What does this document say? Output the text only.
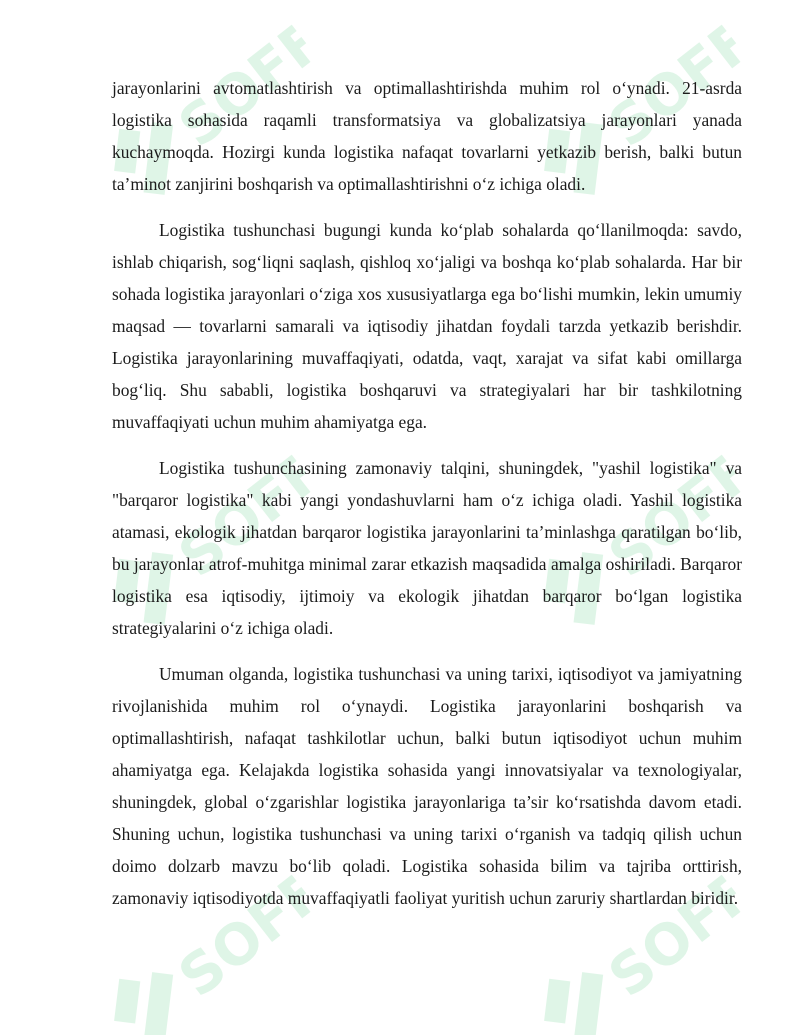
SOFF	SOFF
SOFF	SOFF
SOFF	SOFF

jarayonlarini avtomatlashtirish va optimallashtirishda muhim rol o‘ynadi. 21-asrda logistika sohasida raqamli transformatsiya va globalizatsiya jarayonlari yanada kuchaymoqda. Hozirgi kunda logistika nafaqat tovarlarni yetkazib berish, balki butun ta’minot zanjirini boshqarish va optimallashtirishni o‘z ichiga oladi.

Logistika tushunchasi bugungi kunda ko‘plab sohalarda qo‘llanilmoqda: savdo, ishlab chiqarish, sog‘liqni saqlash, qishloq xo‘jaligi va boshqa ko‘plab sohalarda. Har bir sohada logistika jarayonlari o‘ziga xos xususiyatlarga ega bo‘lishi mumkin, lekin umumiy maqsad — tovarlarni samarali va iqtisodiy jihatdan foydali tarzda yetkazib berishdir. Logistika jarayonlarining muvaffaqiyati, odatda, vaqt, xarajat va sifat kabi omillarga bog‘liq. Shu sababli, logistika boshqaruvi va strategiyalari har bir tashkilotning muvaffaqiyati uchun muhim ahamiyatga ega.

Logistika tushunchasining zamonaviy talqini, shuningdek, "yashil logistika" va "barqaror logistika" kabi yangi yondashuvlarni ham o‘z ichiga oladi. Yashil logistika atamasi, ekologik jihatdan barqaror logistika jarayonlarini ta’minlashga qaratilgan bo‘lib, bu jarayonlar atrof-muhitga minimal zarar etkazish maqsadida amalga oshiriladi. Barqaror logistika esa iqtisodiy, ijtimoiy va ekologik jihatdan barqaror bo‘lgan logistika strategiyalarini o‘z ichiga oladi.

Umuman olganda, logistika tushunchasi va uning tarixi, iqtisodiyot va jamiyatning rivojlanishida muhim rol o‘ynaydi. Logistika jarayonlarini boshqarish va optimallashtirish, nafaqat tashkilotlar uchun, balki butun iqtisodiyot uchun muhim ahamiyatga ega. Kelajakda logistika sohasida yangi innovatsiyalar va texnologiyalar, shuningdek, global o‘zgarishlar logistika jarayonlariga ta’sir ko‘rsatishda davom etadi. Shuning uchun, logistika tushunchasi va uning tarixi o‘rganish va tadqiq qilish uchun doimo dolzarb mavzu bo‘lib qoladi. Logistika sohasida bilim va tajriba orttirish, zamonaviy iqtisodiyotda muvaffaqiyatli faoliyat yuritish uchun zaruriy shartlardan biridir.
